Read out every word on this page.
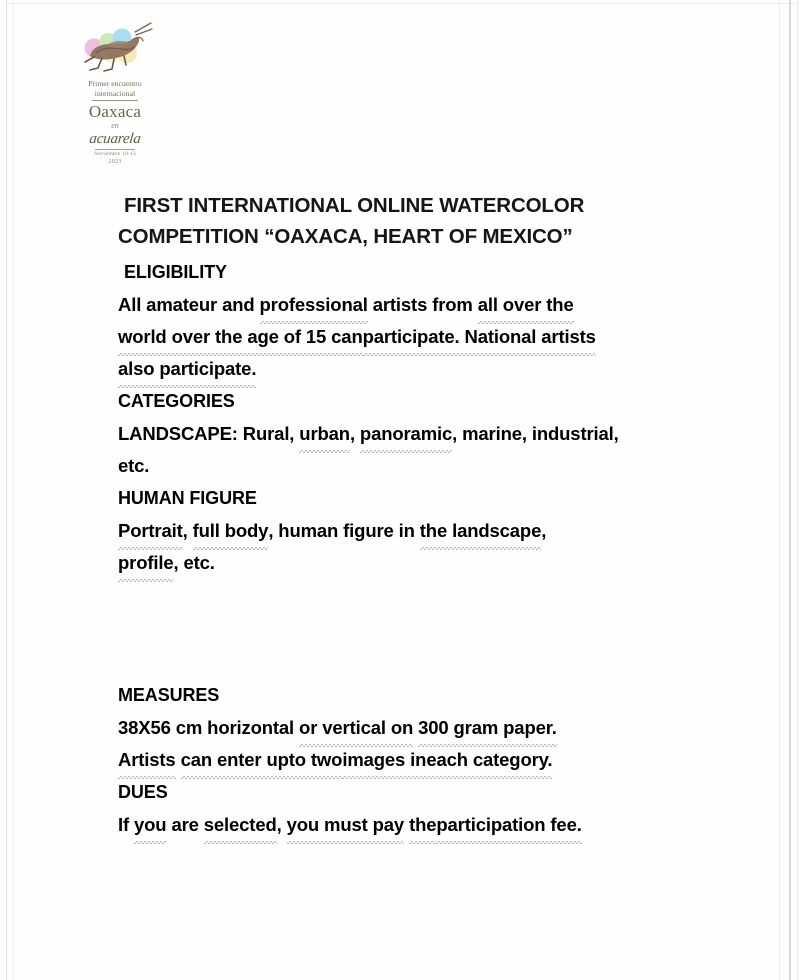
Primer encuentro
internacional
Oaxaca
en
acuarela
Noviembre 10-13
2023
FIRST INTERNATIONAL ONLINE WATERCOLOR
COMPETITION “OAXACA, HEART OF MEXICO”
ELIGIBILITY
All amateur and professional artists from all over the
world over the age of 15 canparticipate. National artists
also participate.
CATEGORIES
LANDSCAPE: Rural, urban, panoramic, marine, industrial,
etc.
HUMAN FIGURE
Portrait, full body, human figure in the landscape,
profile, etc.
MEASURES
38X56 cm horizontal or vertical on 300 gram paper.
Artists can enter upto twoimages ineach category.
DUES
If you are selected, you must pay theparticipation fee.
